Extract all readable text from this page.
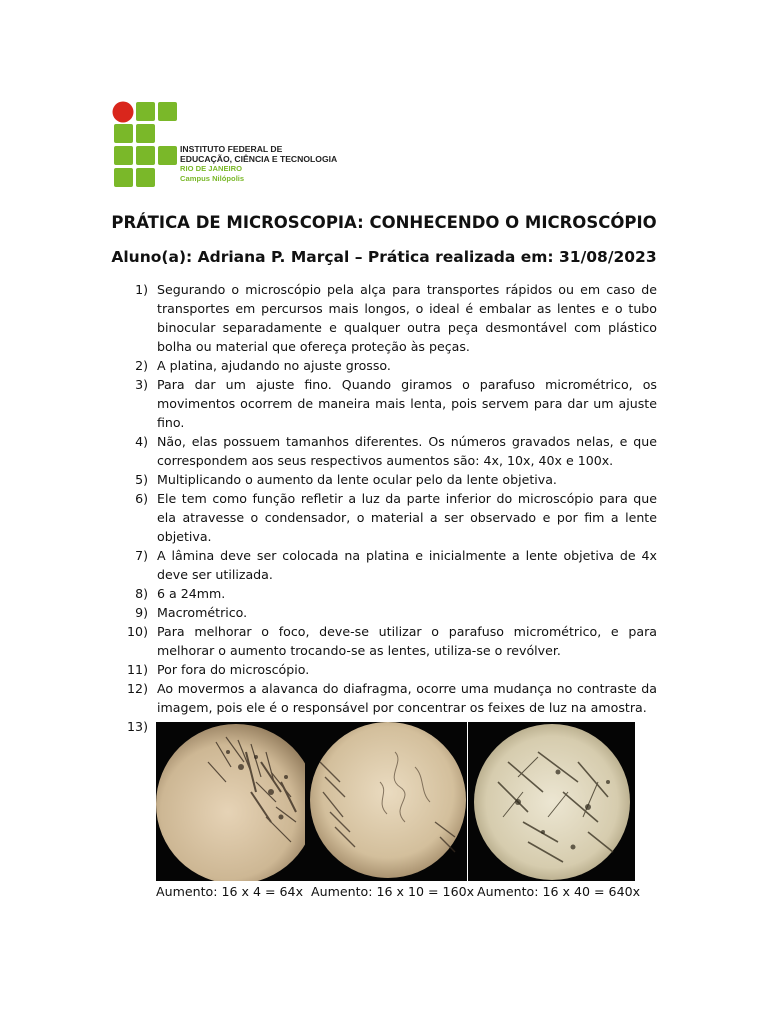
INSTITUTO FEDERAL DE
EDUCAÇÃO, CIÊNCIA E TECNOLOGIA
RIO DE JANEIRO
Campus Nilópolis
PRÁTICA DE MICROSCOPIA: CONHECENDO O MICROSCÓPIO
Aluno(a): Adriana P. Marçal – Prática realizada em: 31/08/2023
1) Segurando o microscópio pela alça para transportes rápidos ou em caso de transportes em percursos mais longos, o ideal é embalar as lentes e o tubo binocular separadamente e qualquer outra peça desmontável com plástico bolha ou material que ofereça proteção às peças.
2) A platina, ajudando no ajuste grosso.
3) Para dar um ajuste fino. Quando giramos o parafuso micrométrico, os movimentos ocorrem de maneira mais lenta, pois servem para dar um ajuste fino.
4) Não, elas possuem tamanhos diferentes. Os números gravados nelas, e que correspondem aos seus respectivos aumentos são: 4x, 10x, 40x e 100x.
5) Multiplicando o aumento da lente ocular pelo da lente objetiva.
6) Ele tem como função refletir a luz da parte inferior do microscópio para que ela atravesse o condensador, o material a ser observado e por fim a lente objetiva.
7) A lâmina deve ser colocada na platina e inicialmente a lente objetiva de 4x deve ser utilizada.
8) 6 a 24mm.
9) Macrométrico.
10) Para melhorar o foco, deve-se utilizar o parafuso micrométrico, e para melhorar o aumento trocando-se as lentes, utiliza-se o revólver.
11) Por fora do microscópio.
12) Ao movermos a alavanca do diafragma, ocorre uma mudança no contraste da imagem, pois ele é o responsável por concentrar os feixes de luz na amostra.
13)
Aumento: 16 x 4 = 64x Aumento: 16 x 10 = 160x Aumento: 16 x 40 = 640x
